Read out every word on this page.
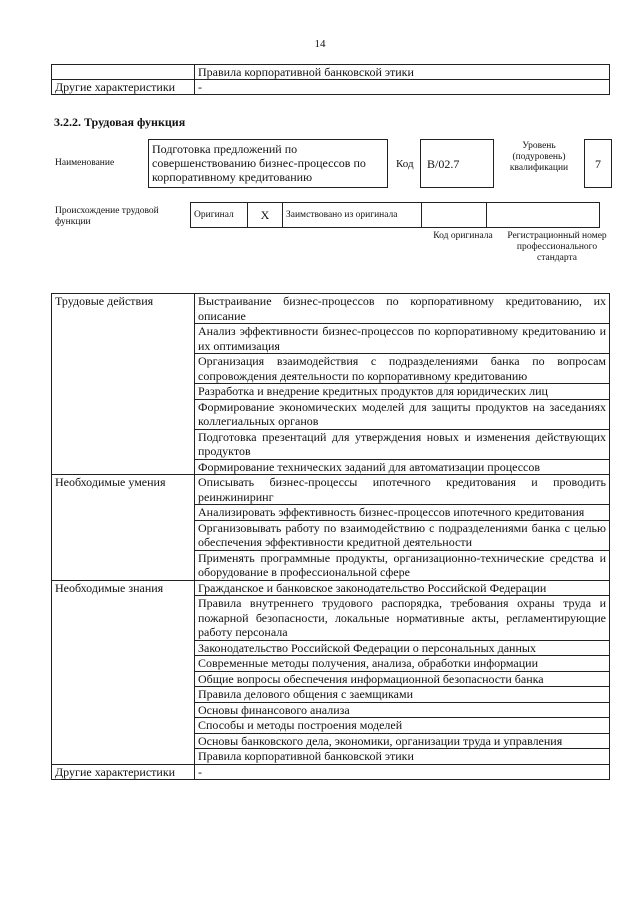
14
	Правила корпоративной банковской этики
Другие характеристики	-
3.2.2. Трудовая функция
Наименование
Подготовка предложений по совершенствованию бизнес-процессов по корпоративному кредитованию
Код	B/02.7
Уровень (подуровень) квалификации	7
Происхождение трудовой функции
Оригинал	X	Заимствовано из оригинала		
Код оригинала	Регистрационный номер профессионального стандарта
Трудовые действия	Выстраивание бизнес-процессов по корпоративному кредитованию, их описание
	Анализ эффективности бизнес-процессов по корпоративному кредитованию и их оптимизация
	Организация взаимодействия с подразделениями банка по вопросам сопровождения деятельности по корпоративному кредитованию
	Разработка и внедрение кредитных продуктов для юридических лиц
	Формирование экономических моделей для защиты продуктов на заседаниях коллегиальных органов
	Подготовка презентаций для утверждения новых и изменения действующих продуктов
	Формирование технических заданий для автоматизации процессов
Необходимые умения	Описывать бизнес-процессы ипотечного кредитования и проводить реинжиниринг
	Анализировать эффективность бизнес-процессов ипотечного кредитования
	Организовывать работу по взаимодействию с подразделениями банка с целью обеспечения эффективности кредитной деятельности
	Применять программные продукты, организационно-технические средства и оборудование в профессиональной сфере
Необходимые знания	Гражданское и банковское законодательство Российской Федерации
	Правила внутреннего трудового распорядка, требования охраны труда и пожарной безопасности, локальные нормативные акты, регламентирующие работу персонала
	Законодательство Российской Федерации о персональных данных
	Современные методы получения, анализа, обработки информации
	Общие вопросы обеспечения информационной безопасности банка
	Правила делового общения с заемщиками
	Основы финансового анализа
	Способы и методы построения моделей
	Основы банковского дела, экономики, организации труда и управления
	Правила корпоративной банковской этики
Другие характеристики	-
